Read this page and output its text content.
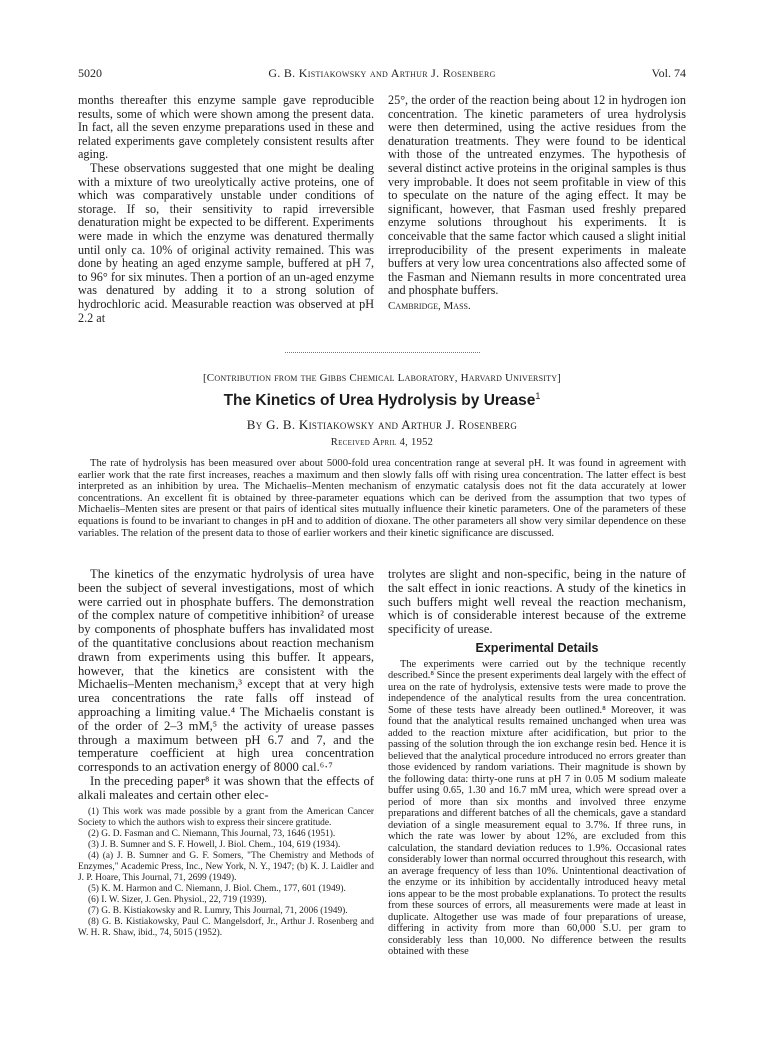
5020	G. B. Kistiakowsky and Arthur J. Rosenberg	Vol. 74

months thereafter this enzyme sample gave reproducible results, some of which were shown among the present data. In fact, all the seven enzyme preparations used in these and related experiments gave completely consistent results after aging.

These observations suggested that one might be dealing with a mixture of two ureolytically active proteins, one of which was comparatively unstable under conditions of storage. If so, their sensitivity to rapid irreversible denaturation might be expected to be different. Experiments were made in which the enzyme was denatured thermally until only ca. 10% of original activity remained. This was done by heating an aged enzyme sample, buffered at pH 7, to 96° for six minutes. Then a portion of an un-aged enzyme was denatured by adding it to a strong solution of hydrochloric acid. Measurable reaction was observed at pH 2.2 at

25°, the order of the reaction being about 12 in hydrogen ion concentration. The kinetic parameters of urea hydrolysis were then determined, using the active residues from the denaturation treatments. They were found to be identical with those of the untreated enzymes. The hypothesis of several distinct active proteins in the original samples is thus very improbable. It does not seem profitable in view of this to speculate on the nature of the aging effect. It may be significant, however, that Fasman used freshly prepared enzyme solutions throughout his experiments. It is conceivable that the same factor which caused a slight initial irreproducibility of the present experiments in maleate buffers at very low urea concentrations also affected some of the Fasman and Niemann results in more concentrated urea and phosphate buffers.

Cambridge, Mass.

[Contribution from the Gibbs Chemical Laboratory, Harvard University]
The Kinetics of Urea Hydrolysis by Urease$^1$
By G. B. Kistiakowsky and Arthur J. Rosenberg
Received April 4, 1952

The rate of hydrolysis has been measured over about 5000-fold urea concentration range at several pH. It was found in agreement with earlier work that the rate first increases, reaches a maximum and then slowly falls off with rising urea concentration. The latter effect is best interpreted as an inhibition by urea. The Michaelis–Menten mechanism of enzymatic catalysis does not fit the data accurately at lower concentrations. An excellent fit is obtained by three-parameter equations which can be derived from the assumption that two types of Michaelis–Menten sites are present or that pairs of identical sites mutually influence their kinetic parameters. One of the parameters of these equations is found to be invariant to changes in pH and to addition of dioxane. The other parameters all show very similar dependence on these variables. The relation of the present data to those of earlier workers and their kinetic significance are discussed.

The kinetics of the enzymatic hydrolysis of urea have been the subject of several investigations, most of which were carried out in phosphate buffers. The demonstration of the complex nature of competitive inhibition² of urease by components of phosphate buffers has invalidated most of the quantitative conclusions about reaction mechanism drawn from experiments using this buffer. It appears, however, that the kinetics are consistent with the Michaelis–Menten mechanism,³ except that at very high urea concentrations the rate falls off instead of approaching a limiting value.⁴ The Michaelis constant is of the order of 2–3 mM,⁵ the activity of urease passes through a maximum between pH 6.7 and 7, and the temperature coefficient at high urea concentration corresponds to an activation energy of 8000 cal.⁶·⁷

In the preceding paper⁸ it was shown that the effects of alkali maleates and certain other elec-

(1) This work was made possible by a grant from the American Cancer Society to which the authors wish to express their sincere gratitude.
(2) G. D. Fasman and C. Niemann, This Journal, 73, 1646 (1951).
(3) J. B. Sumner and S. F. Howell, J. Biol. Chem., 104, 619 (1934).
(4) (a) J. B. Sumner and G. F. Somers, "The Chemistry and Methods of Enzymes," Academic Press, Inc., New York, N. Y., 1947; (b) K. J. Laidler and J. P. Hoare, This Journal, 71, 2699 (1949).
(5) K. M. Harmon and C. Niemann, J. Biol. Chem., 177, 601 (1949).
(6) I. W. Sizer, J. Gen. Physiol., 22, 719 (1939).
(7) G. B. Kistiakowsky and R. Lumry, This Journal, 71, 2006 (1949).
(8) G. B. Kistiakowsky, Paul C. Mangelsdorf, Jr., Arthur J. Rosenberg and W. H. R. Shaw, ibid., 74, 5015 (1952).

trolytes are slight and non-specific, being in the nature of the salt effect in ionic reactions. A study of the kinetics in such buffers might well reveal the reaction mechanism, which is of considerable interest because of the extreme specificity of urease.

Experimental Details

The experiments were carried out by the technique recently described.⁸ Since the present experiments deal largely with the effect of urea on the rate of hydrolysis, extensive tests were made to prove the independence of the analytical results from the urea concentration. Some of these tests have already been outlined.⁸ Moreover, it was found that the analytical results remained unchanged when urea was added to the reaction mixture after acidification, but prior to the passing of the solution through the ion exchange resin bed. Hence it is believed that the analytical procedure introduced no errors greater than those evidenced by random variations. Their magnitude is shown by the following data: thirty-one runs at pH 7 in 0.05 M sodium maleate buffer using 0.65, 1.30 and 16.7 mM urea, which were spread over a period of more than six months and involved three enzyme preparations and different batches of all the chemicals, gave a standard deviation of a single measurement equal to 3.7%. If three runs, in which the rate was lower by about 12%, are excluded from this calculation, the standard deviation reduces to 1.9%. Occasional rates considerably lower than normal occurred throughout this research, with an average frequency of less than 10%. Unintentional deactivation of the enzyme or its inhibition by accidentally introduced heavy metal ions appear to be the most probable explanations. To protect the results from these sources of errors, all measurements were made at least in duplicate. Altogether use was made of four preparations of urease, differing in activity from more than 60,000 S.U. per gram to considerably less than 10,000. No difference between the results obtained with these
